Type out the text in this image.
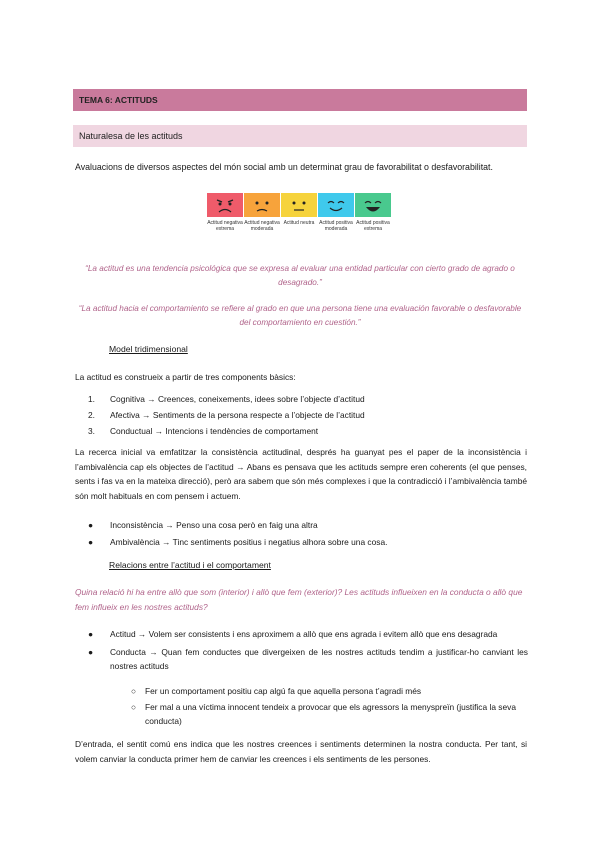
TEMA 6: ACTITUDS
Naturalesa de les actituds
Avaluacions de diversos aspectes del món social amb un determinat grau de favorabilitat o desfavorabilitat.
Actitud negativa extrema
Actitud negativa moderada
Actitud neutra Actitud positiva moderada
Actitud positiva extrema
“La actitud es una tendencia psicológica que se expresa al evaluar una entidad particular con cierto grado de agrado o desagrado.”
“La actitud hacia el comportamiento se refiere al grado en que una persona tiene una evaluación favorable o desfavorable del comportamiento en cuestión.”
Model tridimensional
La actitud es construeix a partir de tres components bàsics:
1. Cognitiva → Creences, coneixements, idees sobre l’objecte d’actitud
2. Afectiva → Sentiments de la persona respecte a l’objecte de l’actitud
3. Conductual → Intencions i tendències de comportament
La recerca inicial va emfatitzar la consistència actitudinal, després ha guanyat pes el paper de la inconsistència i l’ambivalència cap els objectes de l’actitud → Abans es pensava que les actituds sempre eren coherents (el que penses, sents i fas va en la mateixa direcció), però ara sabem que són més complexes i que la contradicció i l’ambivalència també són molt habituals en com pensem i actuem.
● Inconsistència → Penso una cosa però en faig una altra
● Ambivalència → Tinc sentiments positius i negatius alhora sobre una cosa.
Relacions entre l’actitud i el comportament
Quina relació hi ha entre allò que som (interior) i allò que fem (exterior)? Les actituds influeixen en la conducta o allò que fem influeix en les nostres actituds?
● Actitud → Volem ser consistents i ens aproximem a allò que ens agrada i evitem allò que ens desagrada
● Conducta → Quan fem conductes que divergeixen de les nostres actituds tendim a justificar-ho canviant les nostres actituds
○ Fer un comportament positiu cap algú fa que aquella persona t’agradi més
○ Fer mal a una víctima innocent tendeix a provocar que els agressors la menyspreïn (justifica la seva conducta)
D’entrada, el sentit comú ens indica que les nostres creences i sentiments determinen la nostra conducta. Per tant, si volem canviar la conducta primer hem de canviar les creences i els sentiments de les persones.
